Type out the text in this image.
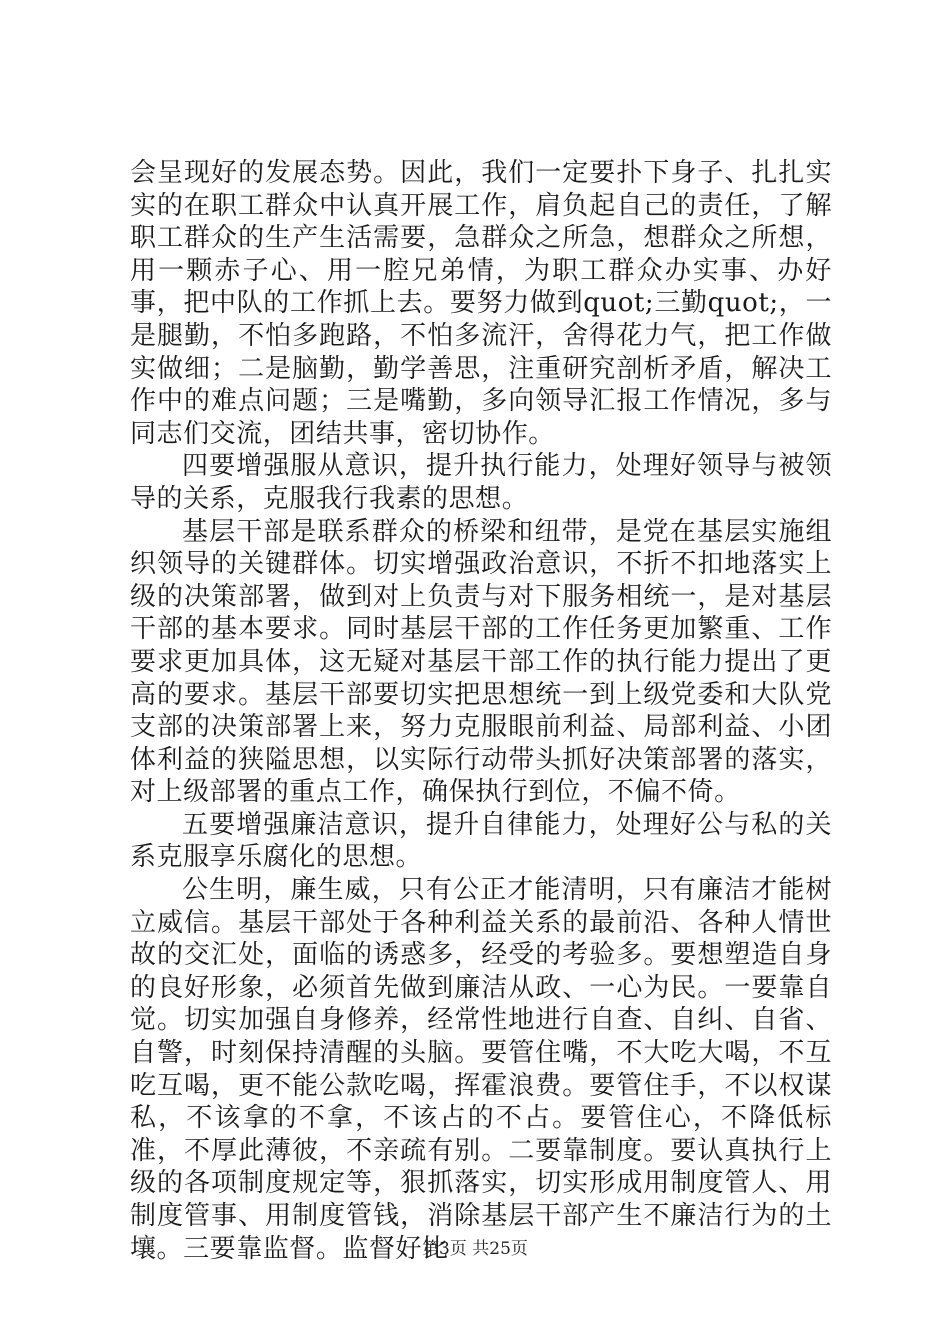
会呈现好的发展态势。因此，我们一定要扑下身子、扎扎实实的在职工群众中认真开展工作，肩负起自己的责任，了解职工群众的生产生活需要，急群众之所急，想群众之所想，用一颗赤子心、用一腔兄弟情，为职工群众办实事、办好事，把中队的工作抓上去。要努力做到quot;三勤quot;，一是腿勤，不怕多跑路，不怕多流汗，舍得花力气，把工作做实做细；二是脑勤，勤学善思，注重研究剖析矛盾，解决工作中的难点问题；三是嘴勤，多向领导汇报工作情况，多与同志们交流，团结共事，密切协作。

四要增强服从意识，提升执行能力，处理好领导与被领导的关系，克服我行我素的思想。

基层干部是联系群众的桥梁和纽带，是党在基层实施组织领导的关键群体。切实增强政治意识，不折不扣地落实上级的决策部署，做到对上负责与对下服务相统一，是对基层干部的基本要求。同时基层干部的工作任务更加繁重、工作要求更加具体，这无疑对基层干部工作的执行能力提出了更高的要求。基层干部要切实把思想统一到上级党委和大队党支部的决策部署上来，努力克服眼前利益、局部利益、小团体利益的狭隘思想，以实际行动带头抓好决策部署的落实，对上级部署的重点工作，确保执行到位，不偏不倚。

五要增强廉洁意识，提升自律能力，处理好公与私的关系克服享乐腐化的思想。

公生明，廉生威，只有公正才能清明，只有廉洁才能树立威信。基层干部处于各种利益关系的最前沿、各种人情世故的交汇处，面临的诱惑多，经受的考验多。要想塑造自身的良好形象，必须首先做到廉洁从政、一心为民。一要靠自觉。切实加强自身修养，经常性地进行自查、自纠、自省、自警，时刻保持清醒的头脑。要管住嘴，不大吃大喝，不互吃互喝，更不能公款吃喝，挥霍浪费。要管住手，不以权谋私，不该拿的不拿，不该占的不占。要管住心，不降低标准，不厚此薄彼，不亲疏有别。二要靠制度。要认真执行上级的各项制度规定等，狠抓落实，切实形成用制度管人、用制度管事、用制度管钱，消除基层干部产生不廉洁行为的土壤。三要靠监督。监督好比

第3页 共25页
